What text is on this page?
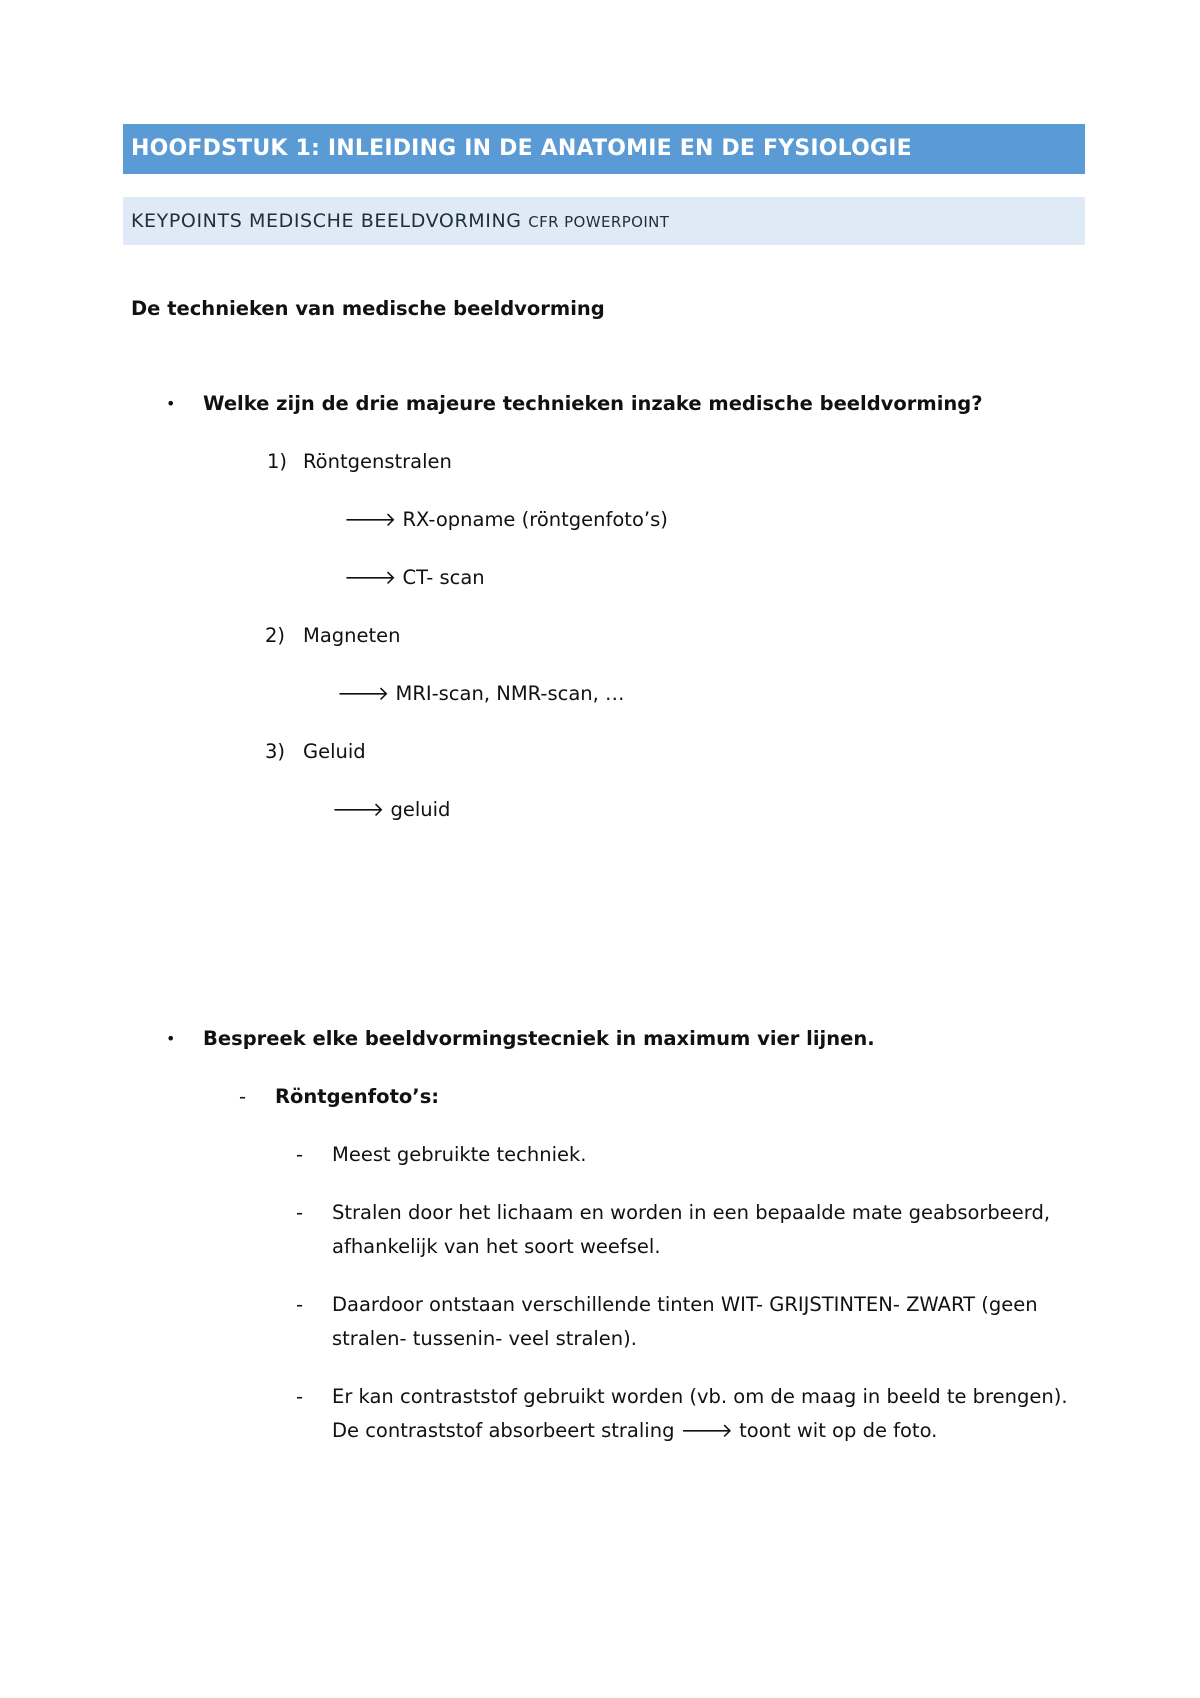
HOOFDSTUK 1: INLEIDING IN DE ANATOMIE EN DE FYSIOLOGIE
KEYPOINTS MEDISCHE BEELDVORMING CFR POWERPOINT
De technieken van medische beeldvorming
• Welke zijn de drie majeure technieken inzake medische beeldvorming?
1) Röntgenstralen
🡒 RX-opname (röntgenfoto’s)
🡒 CT- scan
2) Magneten
🡒 MRI-scan, NMR-scan, …
3) Geluid
🡒 geluid
• Bespreek elke beeldvormingstecniek in maximum vier lijnen.
- Röntgenfoto’s:
- Meest gebruikte techniek.
- Stralen door het lichaam en worden in een bepaalde mate geabsorbeerd, afhankelijk van het soort weefsel.
- Daardoor ontstaan verschillende tinten WIT- GRIJSTINTEN- ZWART (geen stralen- tussenin- veel stralen).
- Er kan contraststof gebruikt worden (vb. om de maag in beeld te brengen). De contraststof absorbeert straling 🡒 toont wit op de foto.
